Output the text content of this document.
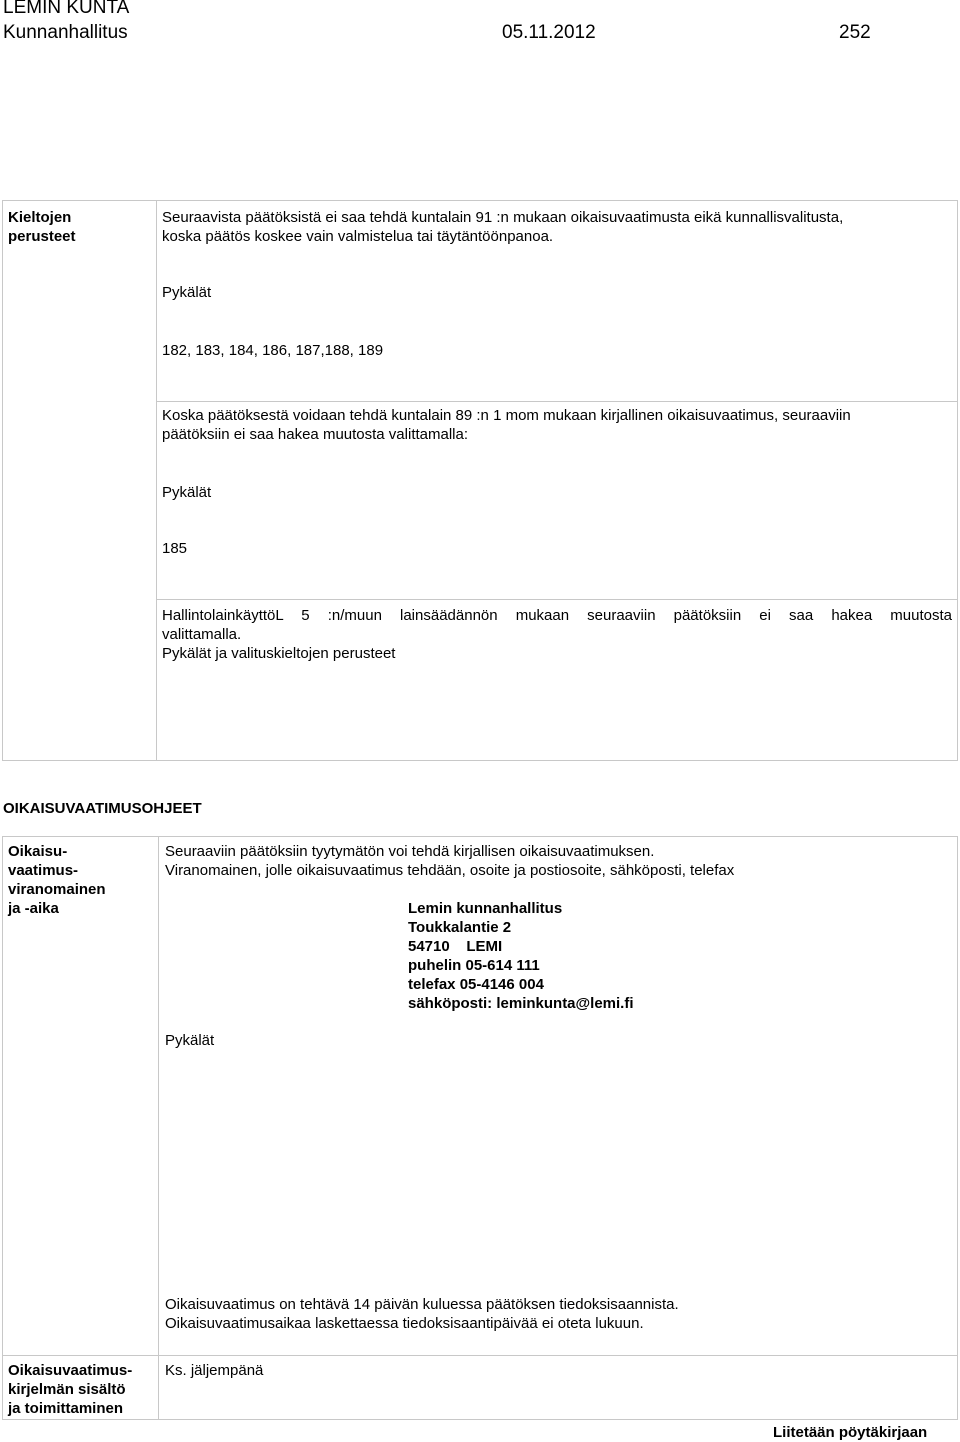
LEMIN KUNTA
Kunnanhallitus	05.11.2012	252
Kieltojen
perusteet
Seuraavista päätöksistä ei saa tehdä kuntalain 91 :n mukaan oikaisuvaatimusta eikä kunnallisvalitusta,
koska päätös koskee vain valmistelua tai täytäntöönpanoa.
Pykälät
182, 183, 184, 186, 187,188, 189
Koska päätöksestä voidaan tehdä kuntalain 89 :n 1 mom mukaan kirjallinen oikaisuvaatimus, seuraaviin
päätöksiin ei saa hakea muutosta valittamalla:
Pykälät
185
HallintolainkäyttöL 5 :n/muun lainsäädännön mukaan seuraaviin päätöksiin ei saa hakea muutosta
valittamalla.
Pykälät ja valituskieltojen perusteet
OIKAISUVAATIMUSOHJEET
Oikaisu-
vaatimus-
viranomainen
ja -aika
Seuraaviin päätöksiin tyytymätön voi tehdä kirjallisen oikaisuvaatimuksen.
Viranomainen, jolle oikaisuvaatimus tehdään, osoite ja postiosoite, sähköposti, telefax
Lemin kunnanhallitus
Toukkalantie 2
54710    LEMI
puhelin 05-614 111
telefax 05-4146 004
sähköposti: leminkunta@lemi.fi
Pykälät
Oikaisuvaatimus on tehtävä 14 päivän kuluessa päätöksen tiedoksisaannista.
Oikaisuvaatimusaikaa laskettaessa tiedoksisaantipäivää ei oteta lukuun.
Oikaisuvaatimus-
kirjelmän sisältö
ja toimittaminen
Ks. jäljempänä
Liitetään pöytäkirjaan
